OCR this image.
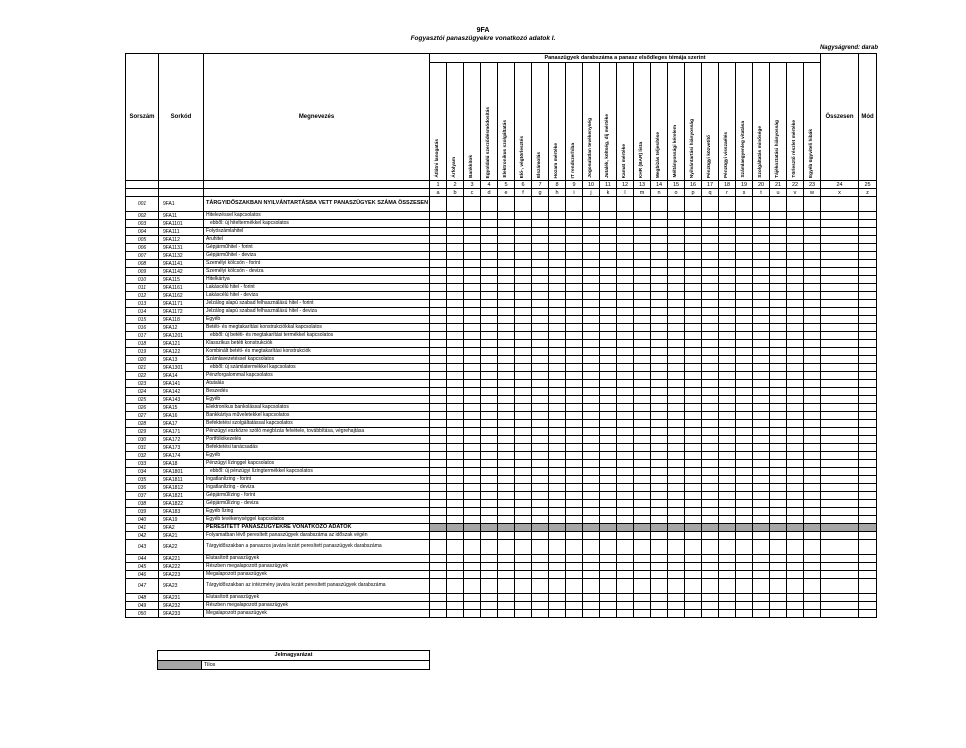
9FA
Fogyasztói panaszügyekre vonatkozó adatok I.
Nagyságrend: darab
Sorszám	Sorkód	Megnevezés	Panaszügyek darabszáma a panasz elsődleges témája szerint																							Összesen	Mód

			Átlátni lanogatás	Árfolyam	Bankkitok	Egyoldalú szerződésmódosítás	Elektronikus szolgáltatás	Elő-, végtörlesztés	Elszámolás	Hozam mértéke	IT rendszerhiba	Jogosulatlan tevékenység	Jutalék, költség, díj mértéke	Kamat mértéke	KHR (BAR) lista	Megbízás teljesítése	Méltányossági kérelem	Nyilvántartási hiányosság	Pénzügyi közvetítő	Pénzügyi visszaélés	Számlaegyenleg vitatása	Szolgáltatás minősége	Tájékoztatási hiányosság	Törlesztő részlet mértéke	Egyéb ügyviteli hibák		

			1	2	3	4	5	6	7	8	9	10	11	12	13	14	15	16	17	18	19	20	21	22	23	24	25
			a	b	c	d	e	f	g	h	i	j	k	l	m	n	o	p	q	r	s	t	u	v	w	x	z
001	9FA1	TÁRGYIDŐSZAKBAN NYILVÁNTARTÁSBA VETT PANASZÜGYEK SZÁMA ÖSSZESEN																									
002	9FA11	Hitelezéssel kapcsolatos																									
003	9FA1101	ebből: új hiteltermékkel kapcsolatos																									
004	9FA111	Folyószámlahitel																									
005	9FA112	Áruhitel																									
006	9FA1131	Gépjárműhitel - forint																									
007	9FA1132	Gépjárműhitel - deviza																									
008	9FA1141	Személyi kölcsön - forint																									
009	9FA1142	Személyi kölcsön - deviza																									
010	9FA115	Hitelkártya																									
011	9FA1161	Lakáscélú hitel - forint																									
012	9FA1162	Lakáscélú hitel - deviza																									
013	9FA1171	Jelzálog alapú szabad felhasználású hitel - forint																									
014	9FA1172	Jelzálog alapú szabad felhasználású hitel - deviza																									
015	9FA118	Egyéb																									
016	9FA12	Betéti- és megtakarítási konstrukciókkal kapcsolatos																									
017	9FA1201	ebből: új betéti- és megtakarítási termékkel kapcsolatos																									
018	9FA121	Klasszikus betéti konstrukciók																									
019	9FA122	Kombinált betéti- és megtakarítási konstrukciók																									
020	9FA13	Számlavezetéssel kapcsolatos																									
021	9FA1301	ebből: új számlatermékkel kapcsolatos																									
022	9FA14	Pénzforgalommal kapcsolatos																									
023	9FA141	Átutalás																									
024	9FA142	Beszedés																									
025	9FA143	Egyéb																									
026	9FA15	Elektronikus bankolással kapcsolatos																									
027	9FA16	Bankkártya műveletekkel kapcsolatos																									
028	9FA17	Befektetési szolgáltatással kapcsolatos																									
029	9FA171	Pénzügyi eszközre szóló megbízás felvétele, továbbítása, végrehajtása																									
030	9FA172	Portfóliókezelés																									
031	9FA173	Befektetési tanácsadás																									
032	9FA174	Egyéb																									
033	9FA18	Pénzügyi lízinggel kapcsolatos																									
034	9FA1801	ebből: új pénzügyi lízingtermékkel kapcsolatos																									
035	9FA1811	Ingatlanlízing - forint																									
036	9FA1812	Ingatlanlízing - deviza																									
037	9FA1821	Gépjárműlízing - forint																									
038	9FA1822	Gépjárműlízing - deviza																									
039	9FA183	Egyéb lízing																									
040	9FA19	Egyéb tevékenységgel kapcsolatos																									
041	9FA2	PERESÍTETT PANASZÜGYEKRE VONATKOZÓ ADATOK																									
042	9FA21	Folyamatban lévő peresített panaszügyek darabszáma az időszak végén																									
043	9FA22	Tárgyidőszakban a panaszos javára lezárt peresített panaszügyek darabszáma																									
044	9FA221	Elutasított panaszügyek																									
045	9FA222	Részben megalapozott panaszügyek																									
046	9FA223	Megalapozott panaszügyek																									
047	9FA23	Tárgyidőszakban az intézmény javára lezárt peresített panaszügyek darabszáma																									
048	9FA231	Elutasított panaszügyek																									
049	9FA232	Részben megalapozott panaszügyek																									
050	9FA233	Megalapozott panaszügyek																									
Jelmagyarázat
Tilos
